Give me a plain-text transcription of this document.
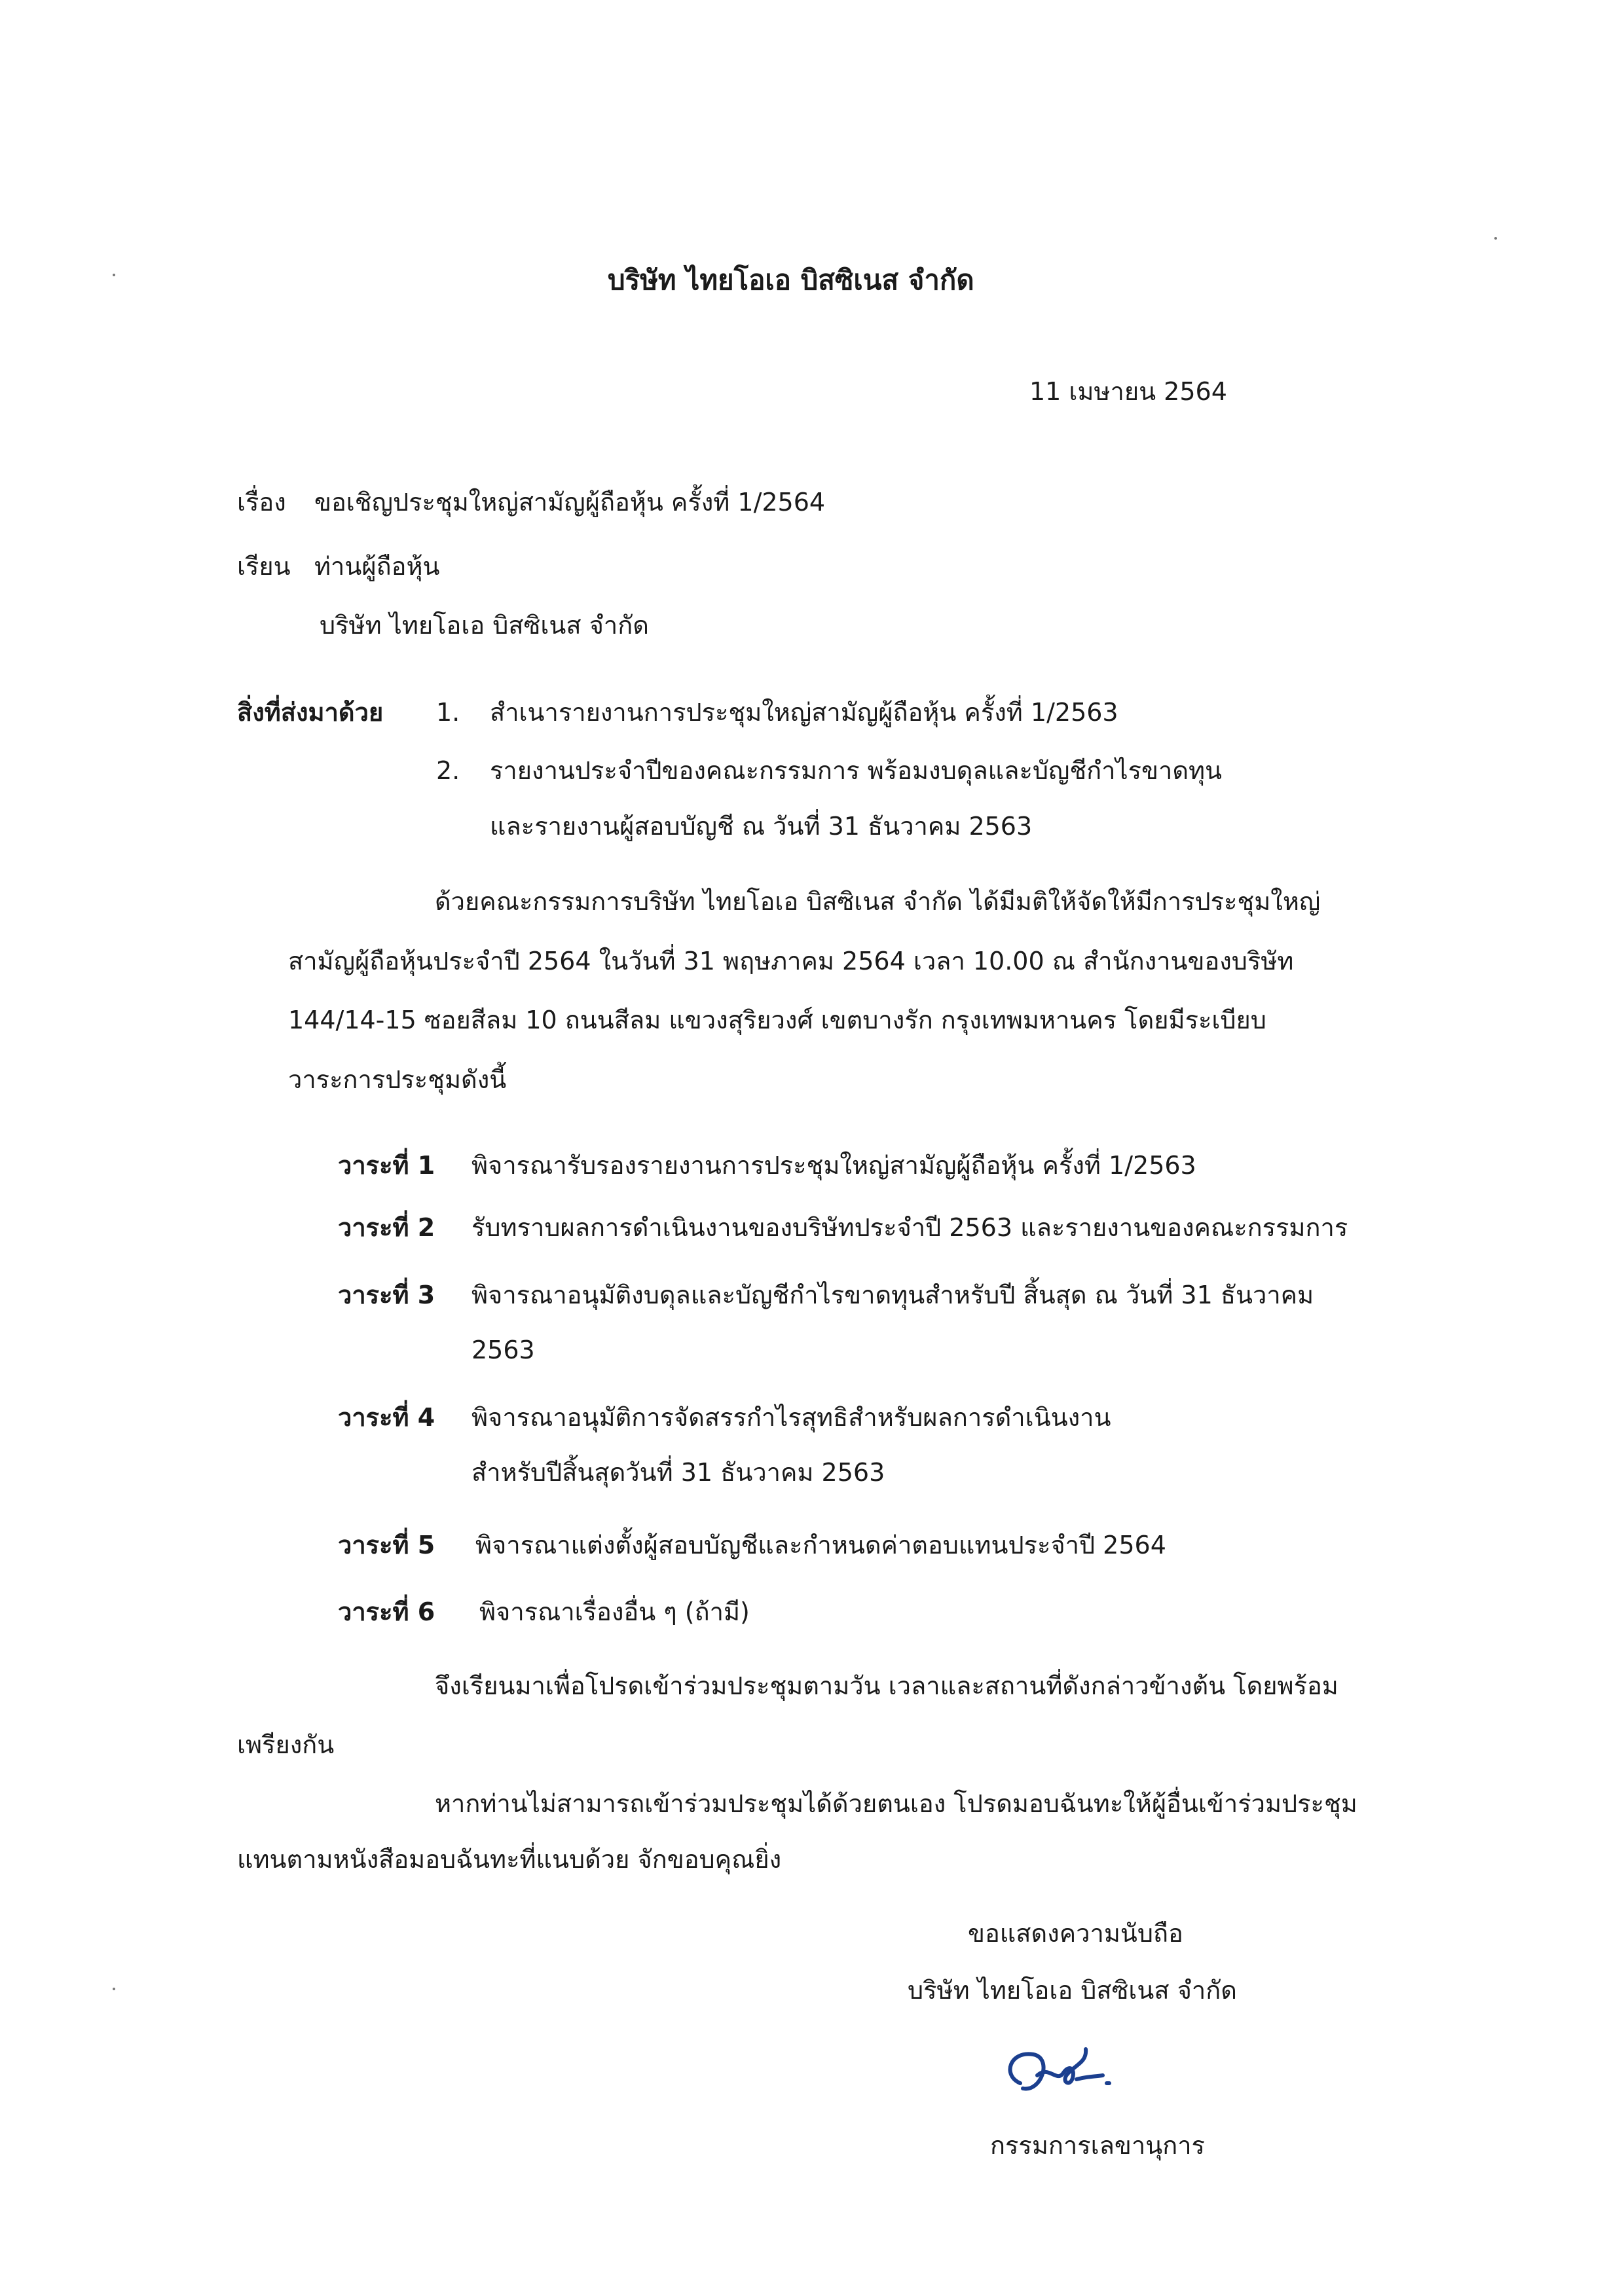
บริษัท ไทยโอเอ บิสซิเนส จำกัด
11 เมษายน 2564
เรื่อง ขอเชิญประชุมใหญ่สามัญผู้ถือหุ้น ครั้งที่ 1/2564
เรียน ท่านผู้ถือหุ้น
บริษัท ไทยโอเอ บิสซิเนส จำกัด
สิ่งที่ส่งมาด้วย 1. สำเนารายงานการประชุมใหญ่สามัญผู้ถือหุ้น ครั้งที่ 1/2563
2. รายงานประจำปีของคณะกรรมการ พร้อมงบดุลและบัญชีกำไรขาดทุน
และรายงานผู้สอบบัญชี ณ วันที่ 31 ธันวาคม 2563
ด้วยคณะกรรมการบริษัท ไทยโอเอ บิสซิเนส จำกัด ได้มีมติให้จัดให้มีการประชุมใหญ่
สามัญผู้ถือหุ้นประจำปี 2564 ในวันที่ 31 พฤษภาคม 2564 เวลา 10.00 ณ สำนักงานของบริษัท
144/14-15 ซอยสีลม 10 ถนนสีลม แขวงสุริยวงศ์ เขตบางรัก กรุงเทพมหานคร โดยมีระเบียบ
วาระการประชุมดังนี้
วาระที่ 1 พิจารณารับรองรายงานการประชุมใหญ่สามัญผู้ถือหุ้น ครั้งที่ 1/2563
วาระที่ 2 รับทราบผลการดำเนินงานของบริษัทประจำปี 2563 และรายงานของคณะกรรมการ
วาระที่ 3 พิจารณาอนุมัติงบดุลและบัญชีกำไรขาดทุนสำหรับปี สิ้นสุด ณ วันที่ 31 ธันวาคม
2563
วาระที่ 4 พิจารณาอนุมัติการจัดสรรกำไรสุทธิสำหรับผลการดำเนินงาน
สำหรับปีสิ้นสุดวันที่ 31 ธันวาคม 2563
วาระที่ 5 พิจารณาแต่งตั้งผู้สอบบัญชีและกำหนดค่าตอบแทนประจำปี 2564
วาระที่ 6 พิจารณาเรื่องอื่น ๆ (ถ้ามี)
จึงเรียนมาเพื่อโปรดเข้าร่วมประชุมตามวัน เวลาและสถานที่ดังกล่าวข้างต้น โดยพร้อม
เพรียงกัน
หากท่านไม่สามารถเข้าร่วมประชุมได้ด้วยตนเอง โปรดมอบฉันทะให้ผู้อื่นเข้าร่วมประชุม
แทนตามหนังสือมอบฉันทะที่แนบด้วย จักขอบคุณยิ่ง
ขอแสดงความนับถือ
บริษัท ไทยโอเอ บิสซิเนส จำกัด
กรรมการเลขานุการ
